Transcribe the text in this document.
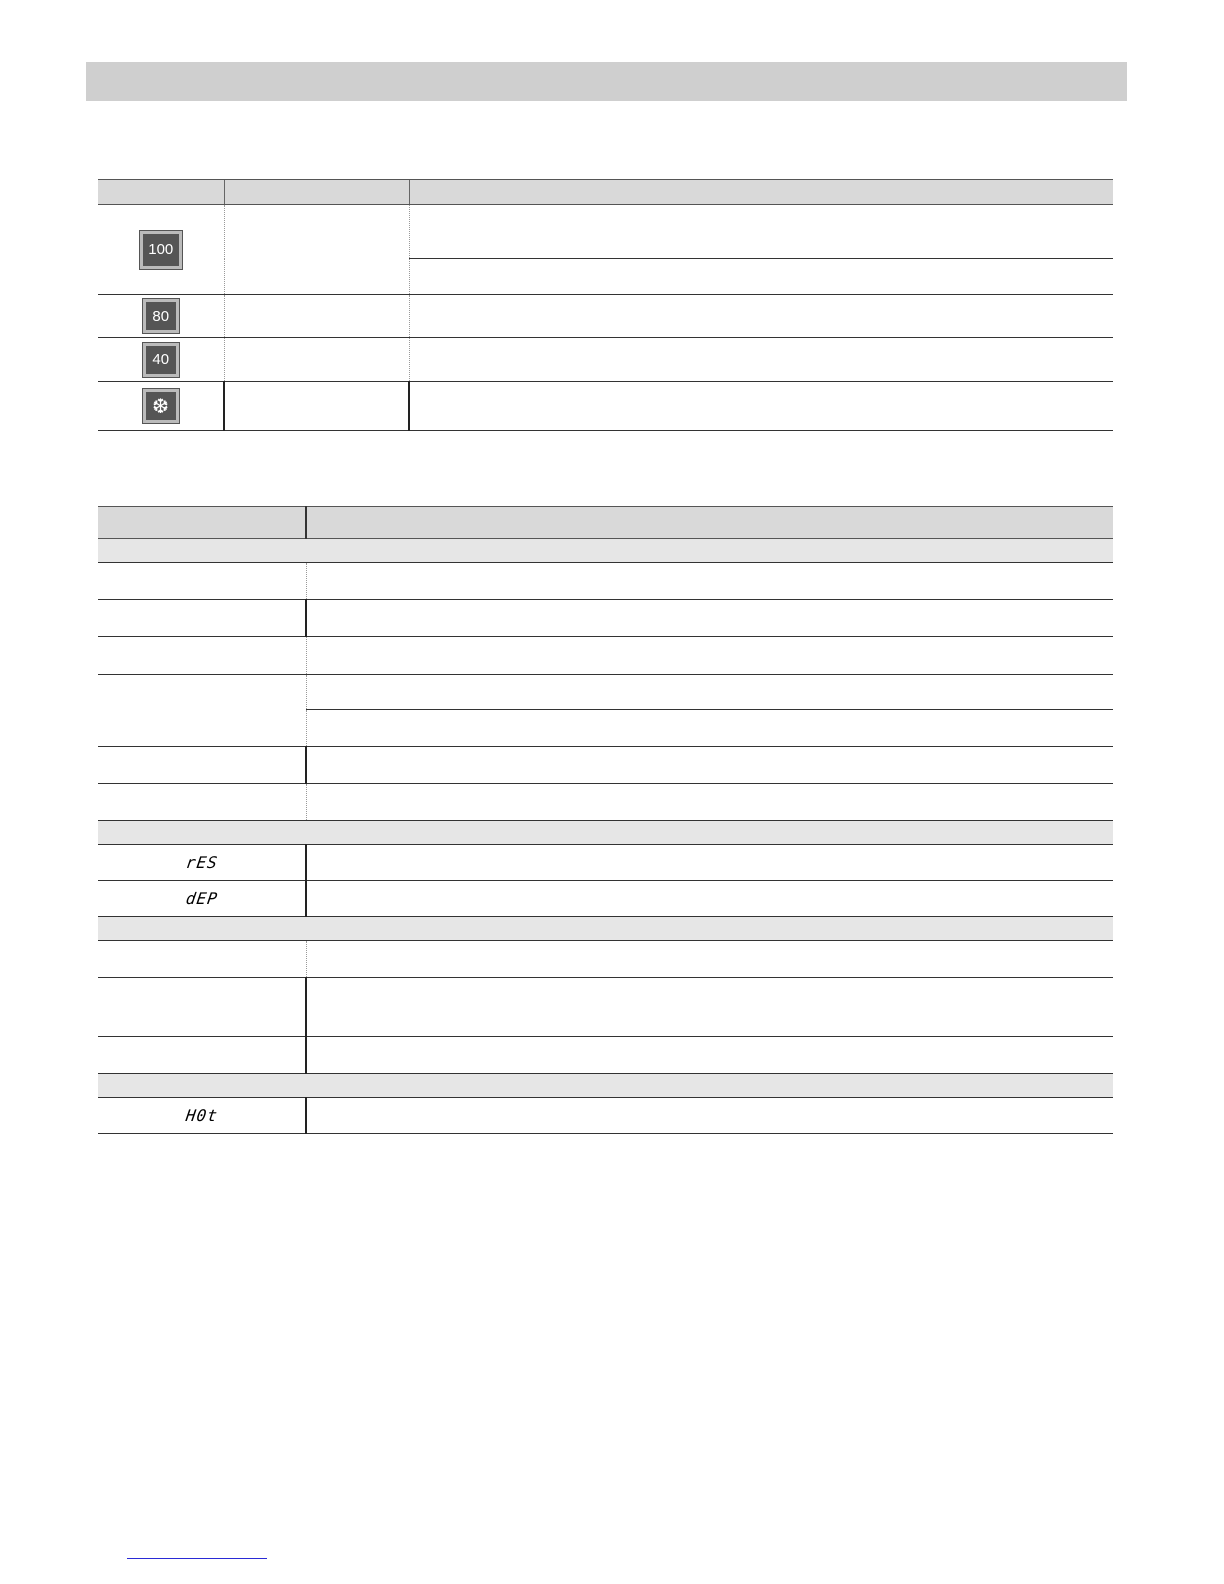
100		

80		
40		
❆		

rES	
dEP	

H0t	
